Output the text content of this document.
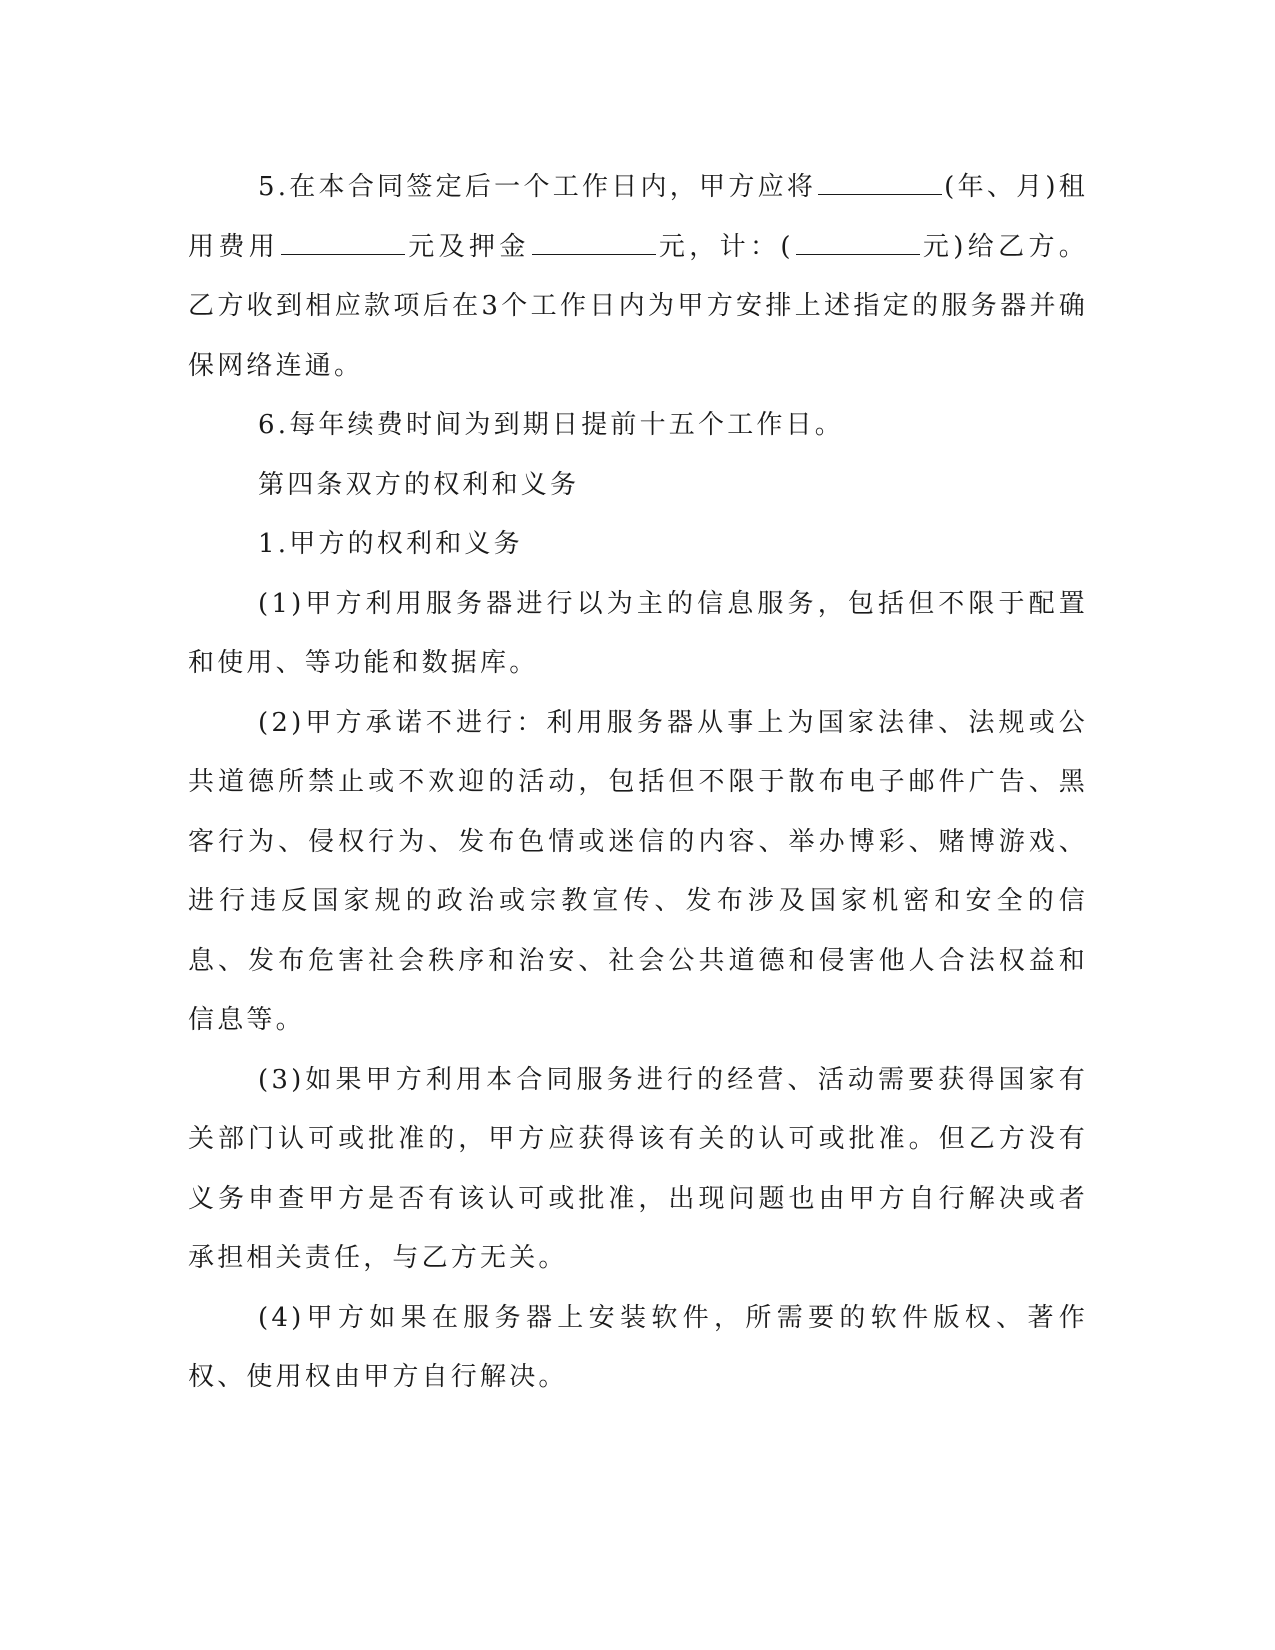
5.在本合同签定后一个工作日内，甲方应将	(年、月)租用费用	元及押金	元，计：(	元)给乙方。乙方收到相应款项后在3个工作日内为甲方安排上述指定的服务器并确保网络连通。

6.每年续费时间为到期日提前十五个工作日。

第四条双方的权利和义务

1.甲方的权利和义务

(1)甲方利用服务器进行以为主的信息服务，包括但不限于配置和使用、等功能和数据库。

(2)甲方承诺不进行：利用服务器从事上为国家法律、法规或公共道德所禁止或不欢迎的活动，包括但不限于散布电子邮件广告、黑客行为、侵权行为、发布色情或迷信的内容、举办博彩、赌博游戏、进行违反国家规的政治或宗教宣传、发布涉及国家机密和安全的信息、发布危害社会秩序和治安、社会公共道德和侵害他人合法权益和信息等。

(3)如果甲方利用本合同服务进行的经营、活动需要获得国家有关部门认可或批准的，甲方应获得该有关的认可或批准。但乙方没有义务申查甲方是否有该认可或批准，出现问题也由甲方自行解决或者承担相关责任，与乙方无关。

(4)甲方如果在服务器上安装软件，所需要的软件版权、著作权、使用权由甲方自行解决。
